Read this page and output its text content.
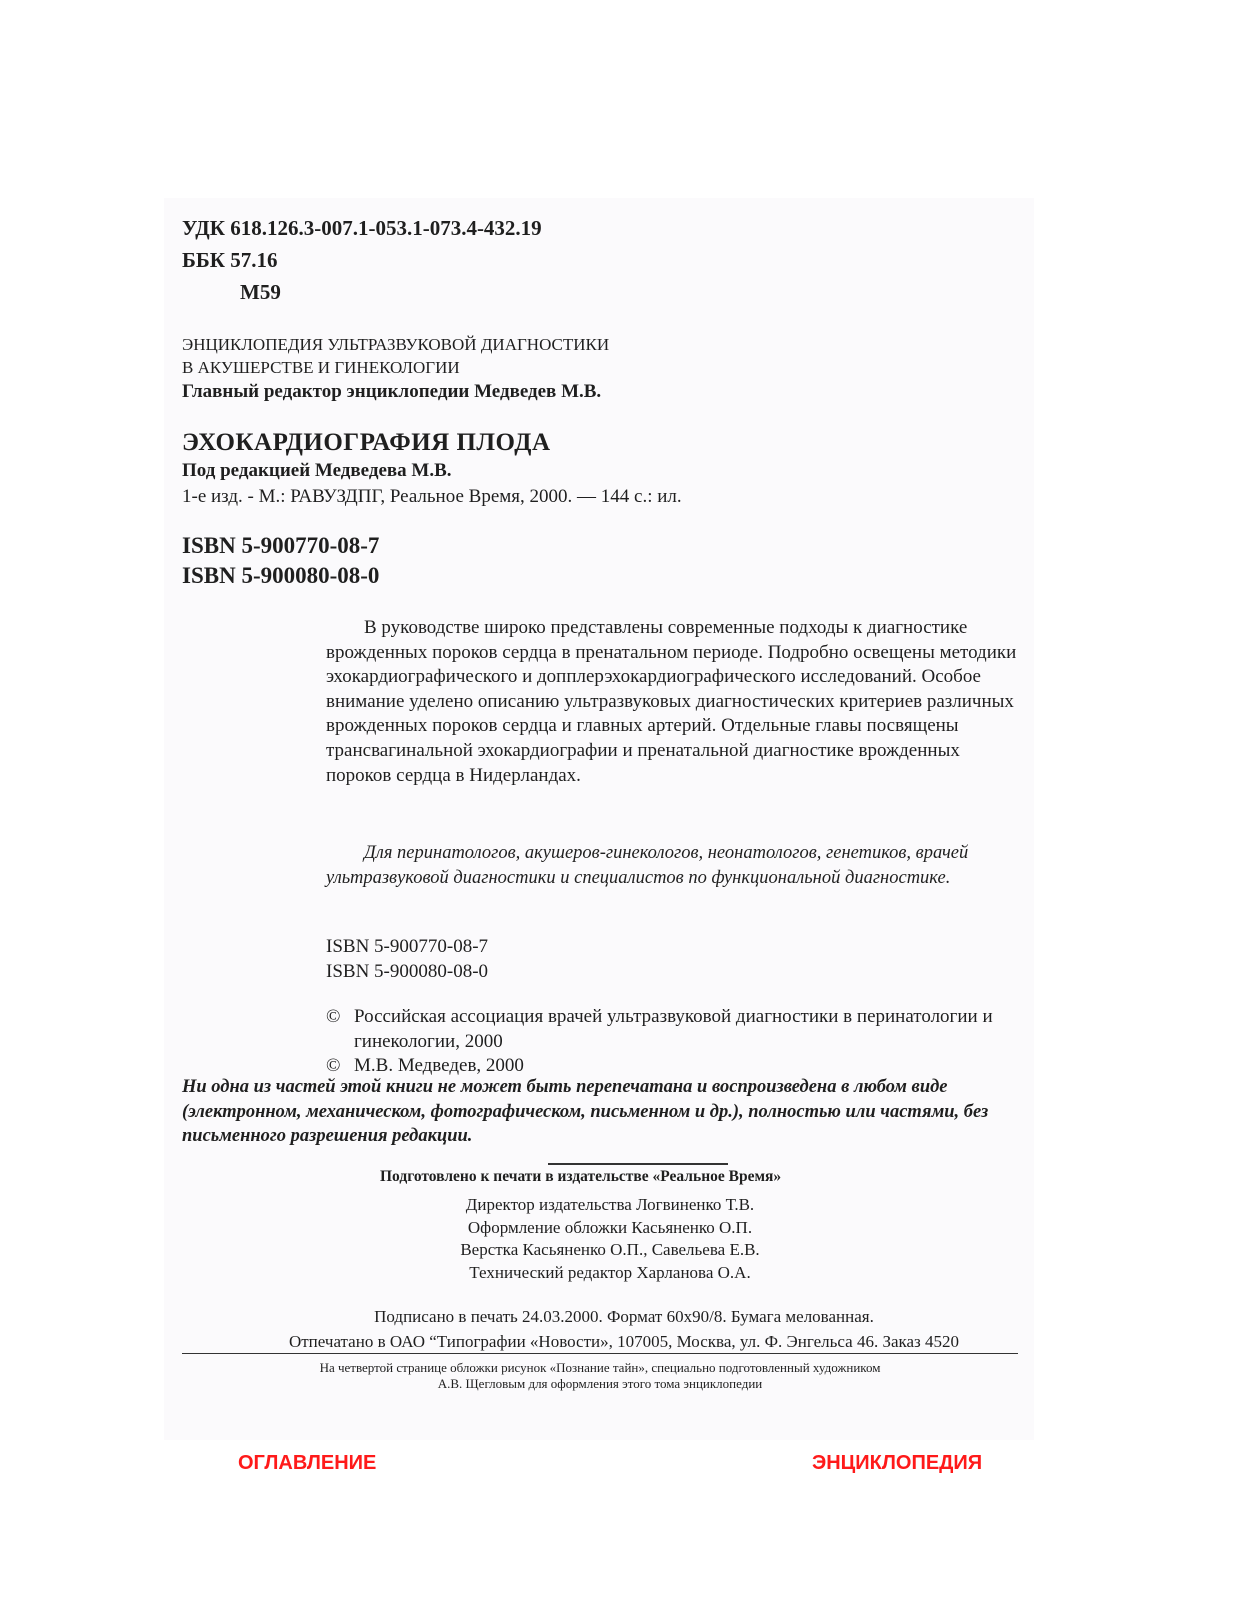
УДК 618.126.3-007.1-053.1-073.4-432.19
ББК 57.16
М59
ЭНЦИКЛОПЕДИЯ УЛЬТРАЗВУКОВОЙ ДИАГНОСТИКИ
В АКУШЕРСТВЕ И ГИНЕКОЛОГИИ
Главный редактор энциклопедии Медведев М.В.
ЭХОКАРДИОГРАФИЯ ПЛОДА
Под редакцией Медведева М.В.
1-е изд. - М.: РАВУЗДПГ, Реальное Время, 2000. — 144 с.: ил.
ISBN 5-900770-08-7
ISBN 5-900080-08-0

В руководстве широко представлены современные подходы к диагностике врожденных пороков сердца в пренатальном периоде. Подробно освещены методики эхокардиографического и допплерэхокардиографического исследований. Особое внимание уделено описанию ультразвуковых диагностических критериев различных врожденных пороков сердца и главных артерий. Отдельные главы посвящены трансвагинальной эхокардиографии и пренатальной диагностике врожденных пороков сердца в Нидерландах.

Для перинатологов, акушеров-гинекологов, неонатологов, генетиков, врачей ультразвуковой диагностики и специалистов по функциональной диагностике.

ISBN 5-900770-08-7
ISBN 5-900080-08-0
© Российская ассоциация врачей ультразвуковой диагностики в перинатологии и гинекологии, 2000
© М.В. Медведев, 2000
Ни одна из частей этой книги не может быть перепечатана и воспроизведена в любом виде (электронном, механическом, фотографическом, письменном и др.), полностью или частями, без письменного разрешения редакции.
Подготовлено к печати в издательстве «Реальное Время»
Директор издательства Логвиненко Т.В.
Оформление обложки Касьяненко О.П.
Верстка Касьяненко О.П., Савельева Е.В.
Технический редактор Харланова О.А.
Подписано в печать 24.03.2000. Формат 60x90/8. Бумага мелованная.
Отпечатано в ОАО “Типографии «Новости», 107005, Москва, ул. Ф. Энгельса 46. Заказ 4520
На четвертой странице обложки рисунок «Познание тайн», специально подготовленный художником
А.В. Щегловым для оформления этого тома энциклопедии
ОГЛАВЛЕНИЕ	ЭНЦИКЛОПЕДИЯ
